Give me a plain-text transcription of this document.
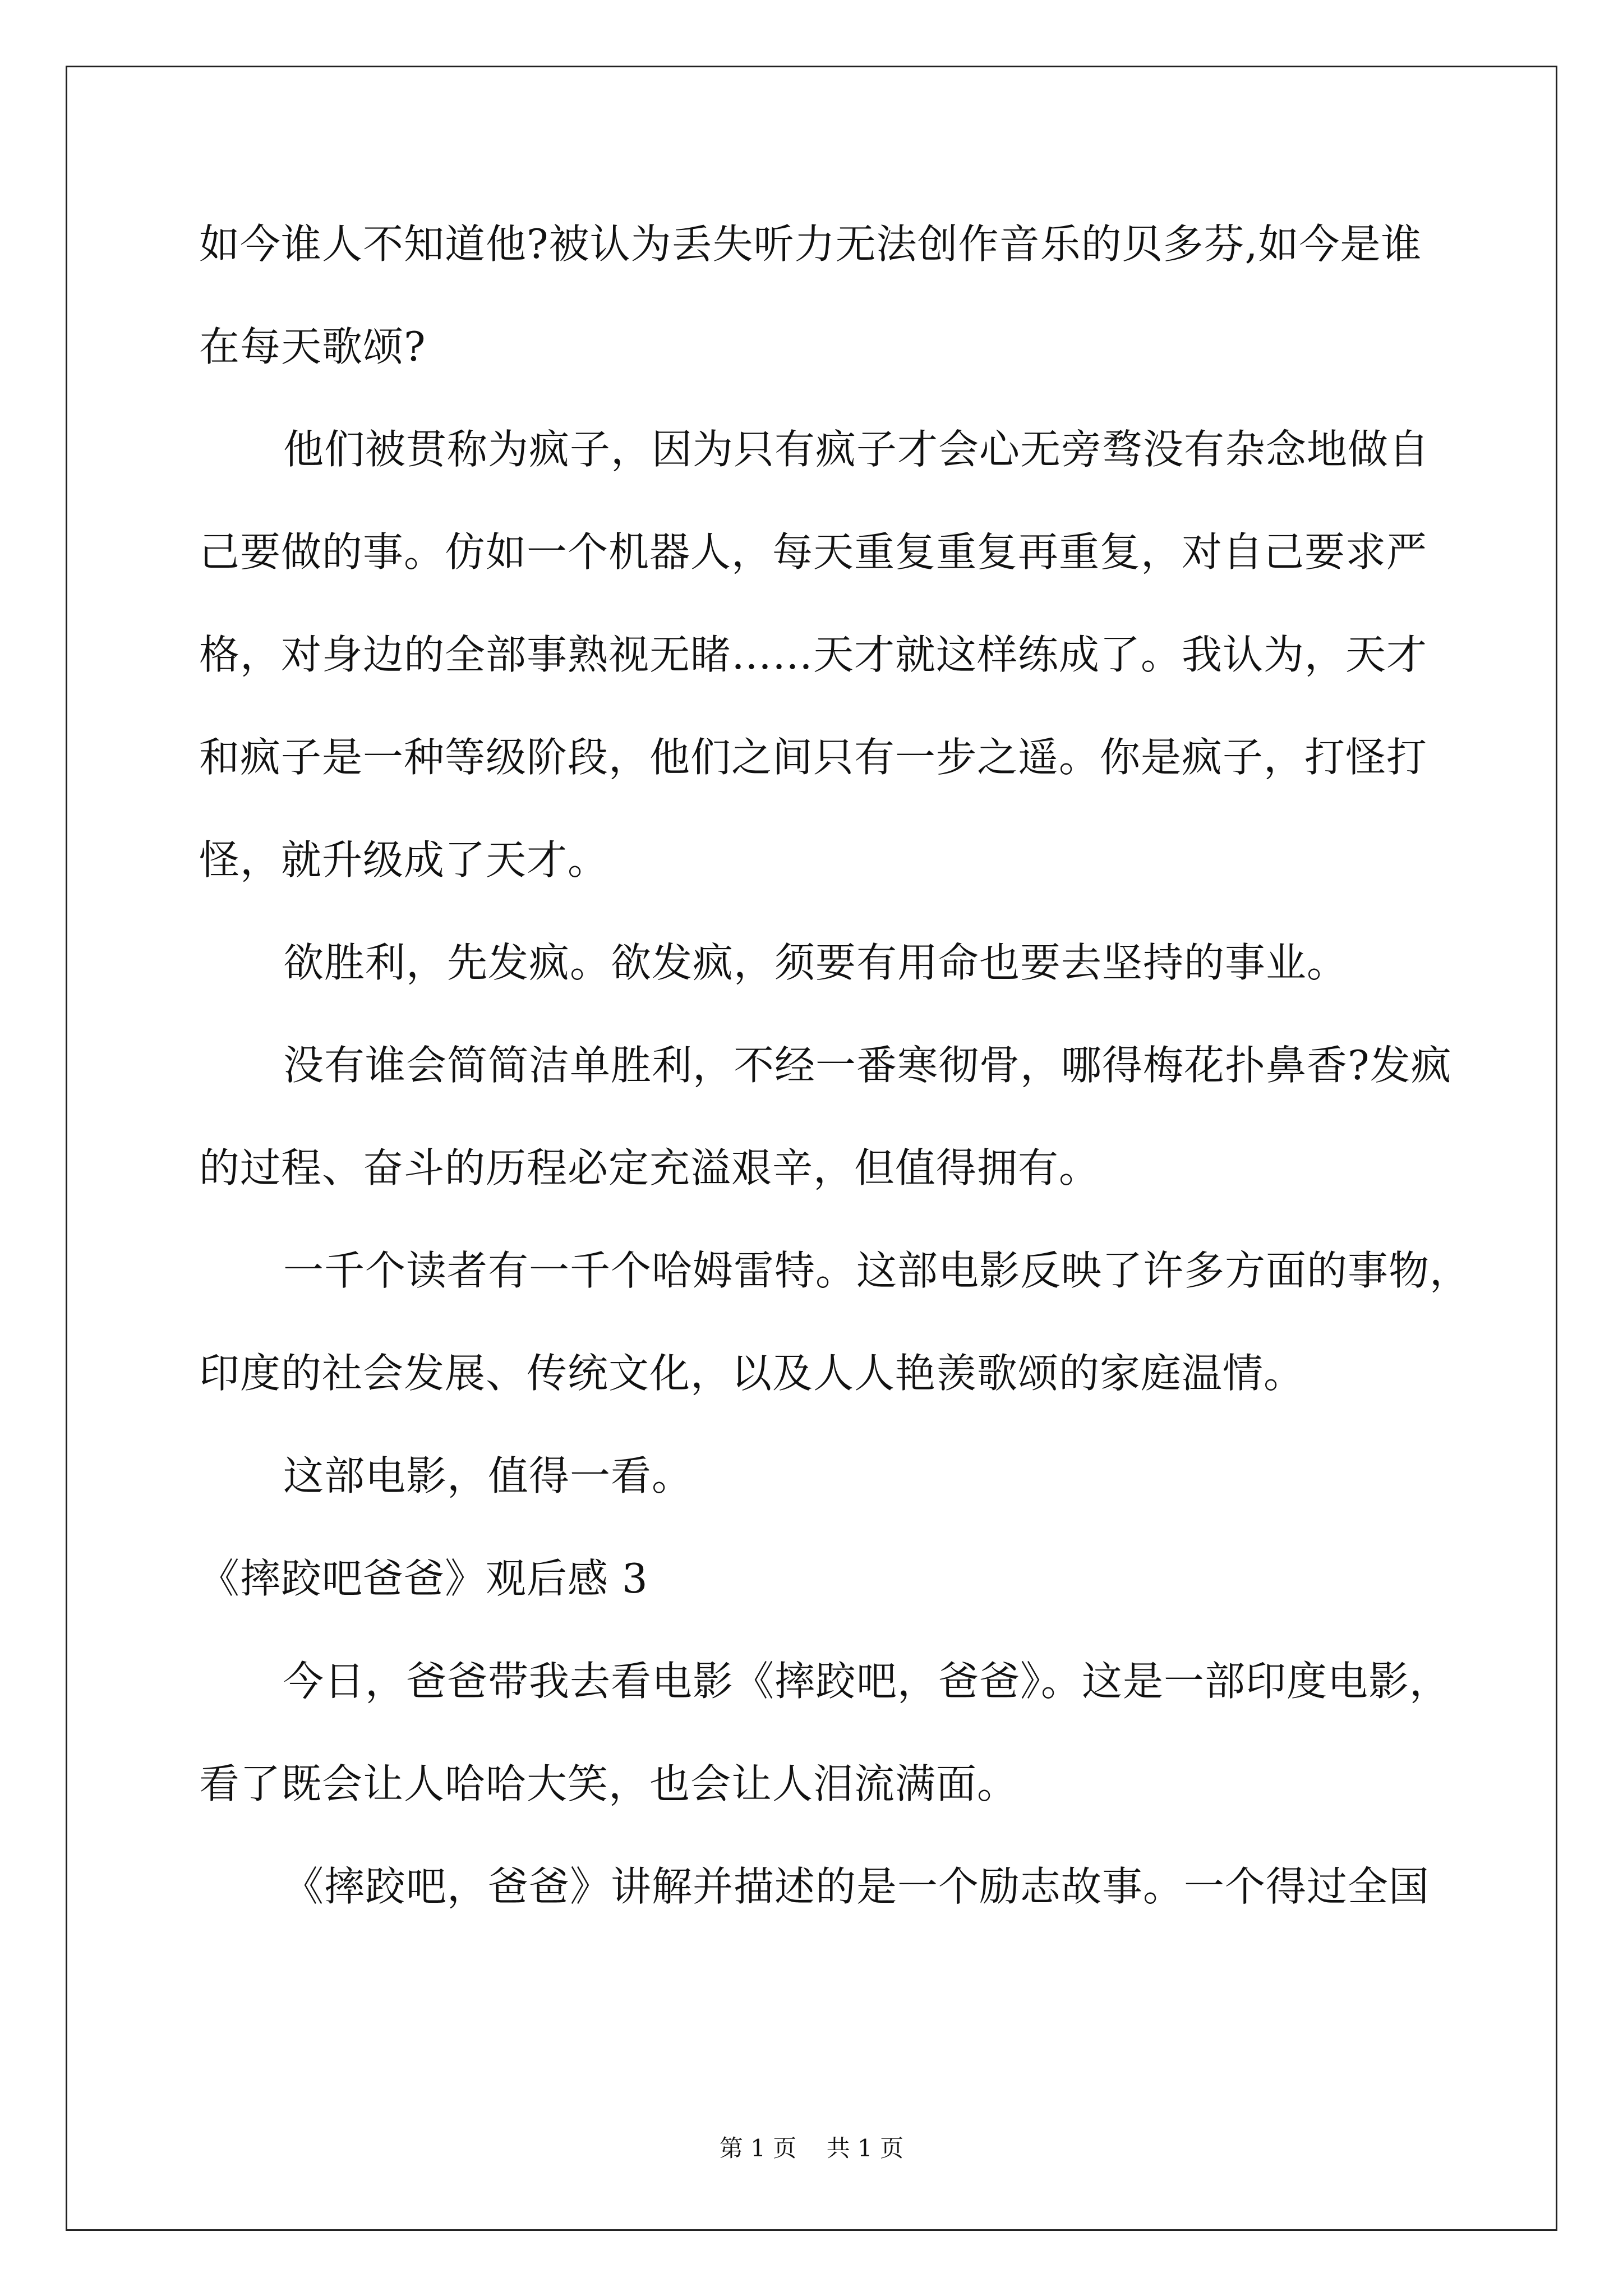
如今谁人不知道他?被认为丢失听力无法创作音乐的贝多芬,如今是谁
在每天歌颂?
他们被贯称为疯子，因为只有疯子才会心无旁骛没有杂念地做自
己要做的事。仿如一个机器人，每天重复重复再重复，对自己要求严
格，对身边的全部事熟视无睹……天才就这样练成了。我认为，天才
和疯子是一种等级阶段，他们之间只有一步之遥。你是疯子，打怪打
怪，就升级成了天才。
欲胜利，先发疯。欲发疯，须要有用命也要去坚持的事业。
没有谁会简简洁单胜利，不经一番寒彻骨，哪得梅花扑鼻香?发疯
的过程、奋斗的历程必定充溢艰辛，但值得拥有。
一千个读者有一千个哈姆雷特。这部电影反映了许多方面的事物，
印度的社会发展、传统文化，以及人人艳羡歌颂的家庭温情。
这部电影，值得一看。
《摔跤吧爸爸》观后感 3
今日，爸爸带我去看电影《摔跤吧，爸爸》。这是一部印度电影，
看了既会让人哈哈大笑，也会让人泪流满面。
《摔跤吧，爸爸》讲解并描述的是一个励志故事。一个得过全国
第 1 页    共 1 页
